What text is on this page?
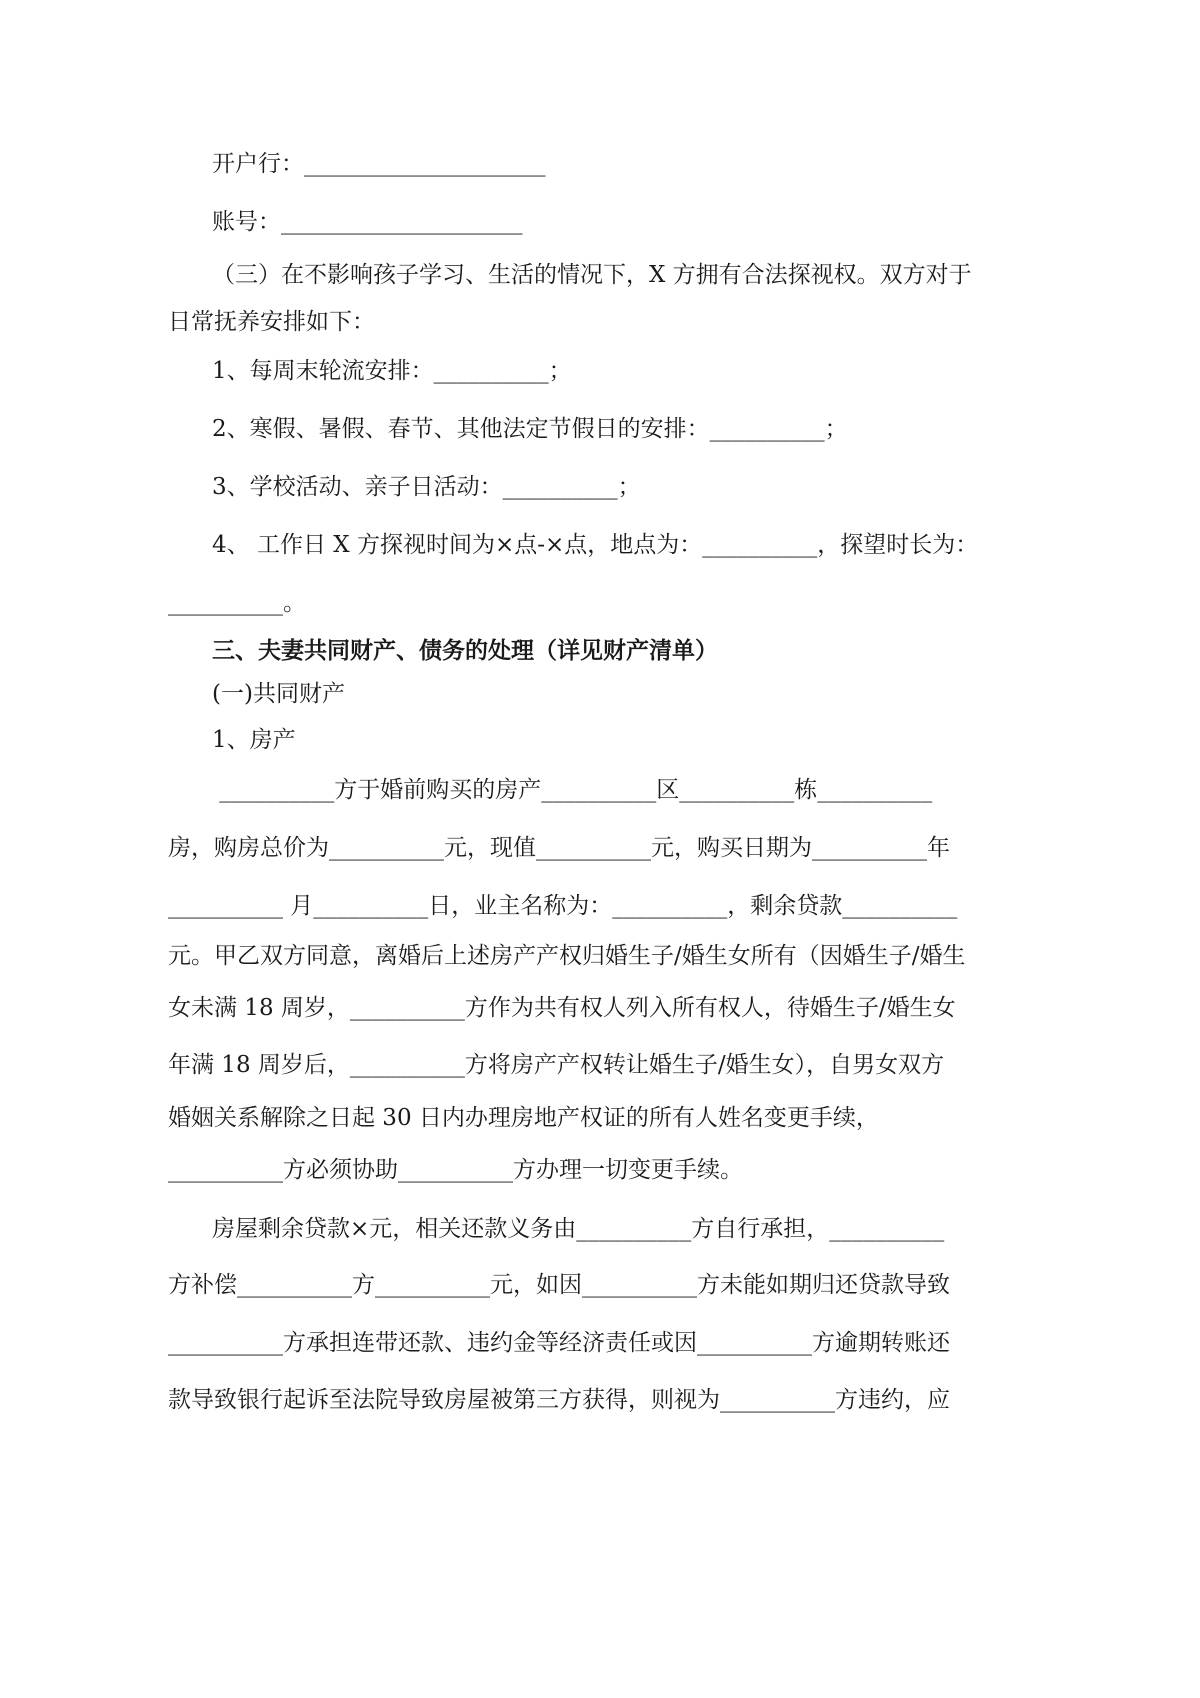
开户行：_____________________
账号：_____________________
（三）在不影响孩子学习、生活的情况下，X 方拥有合法探视权。双方对于
日常抚养安排如下：
1、每周末轮流安排：__________；
2、寒假、暑假、春节、其他法定节假日的安排：__________；
3、学校活动、亲子日活动：__________；
4、 工作日 X 方探视时间为×点-×点，地点为：__________，探望时长为：
__________。
三、夫妻共同财产、债务的处理（详见财产清单）
(一)共同财产
1、房产
__________方于婚前购买的房产__________区__________栋__________
房，购房总价为__________元，现值__________元，购买日期为__________年
__________ 月__________日，业主名称为：__________，剩余贷款__________
元。甲乙双方同意，离婚后上述房产产权归婚生子/婚生女所有（因婚生子/婚生
女未满 18 周岁，__________方作为共有权人列入所有权人，待婚生子/婚生女
年满 18 周岁后，__________方将房产产权转让婚生子/婚生女），自男女双方
婚姻关系解除之日起 30 日内办理房地产权证的所有人姓名变更手续，
__________方必须协助__________方办理一切变更手续。
房屋剩余贷款×元，相关还款义务由__________方自行承担，__________
方补偿__________方__________元，如因__________方未能如期归还贷款导致
__________方承担连带还款、违约金等经济责任或因__________方逾期转账还
款导致银行起诉至法院导致房屋被第三方获得，则视为__________方违约，应
